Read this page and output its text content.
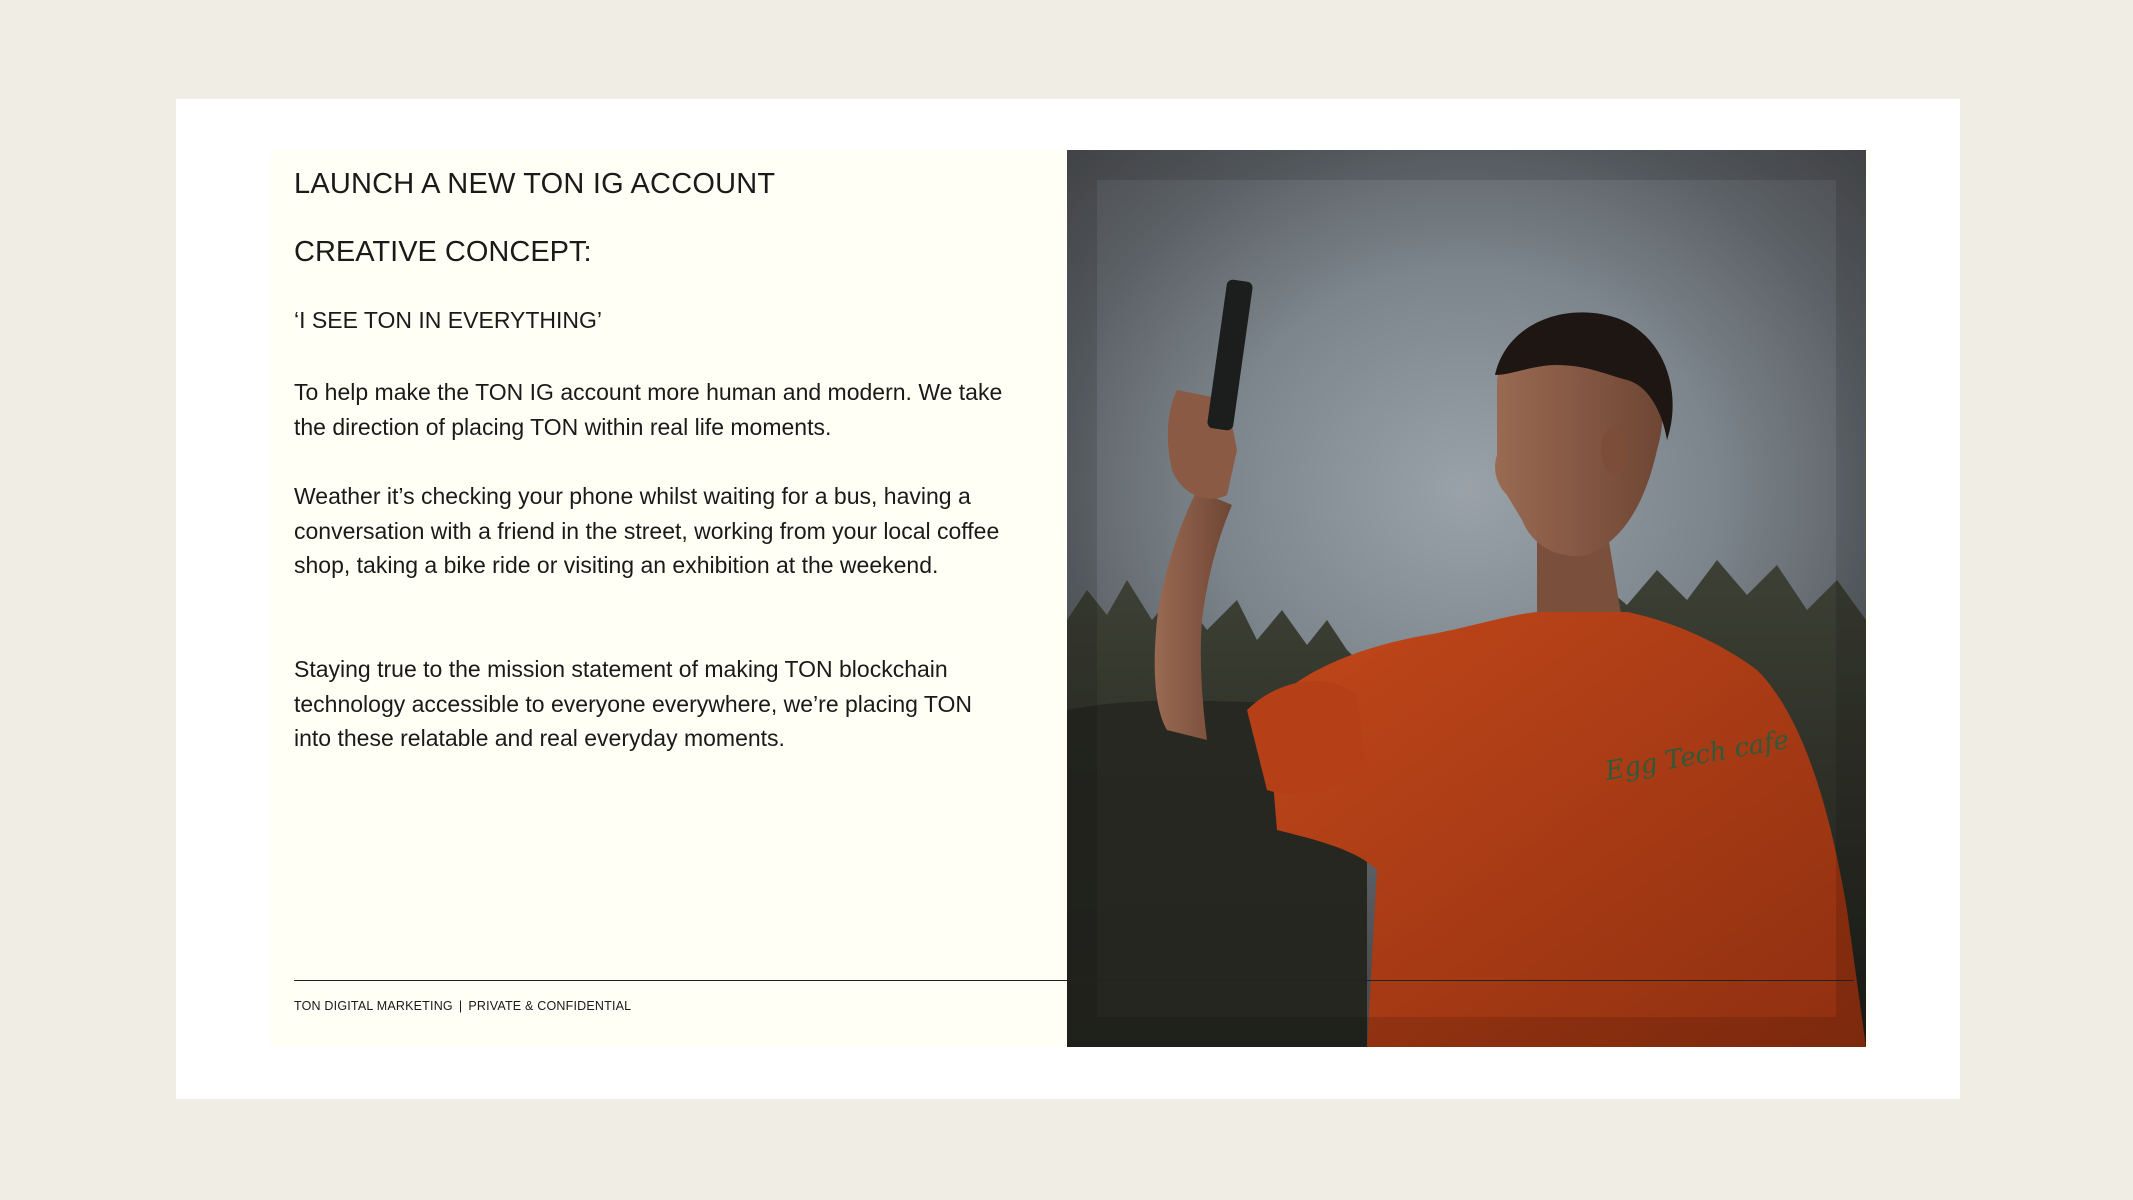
LAUNCH A NEW TON IG ACCOUNT
CREATIVE CONCEPT:
‘I SEE TON IN EVERYTHING’

To help make the TON IG account more human and modern. We take the direction of placing TON within real life moments.

Weather it’s checking your phone whilst waiting for a bus, having a conversation with a friend in the street, working from your local coffee shop, taking a bike ride or visiting an exhibition at the weekend.

Staying true to the mission statement of making TON blockchain technology accessible to everyone everywhere, we’re placing TON into these relatable and real everyday moments.	Egg Tech cafe
TON DIGITAL MARKETING | PRIVATE & CONFIDENTIAL
